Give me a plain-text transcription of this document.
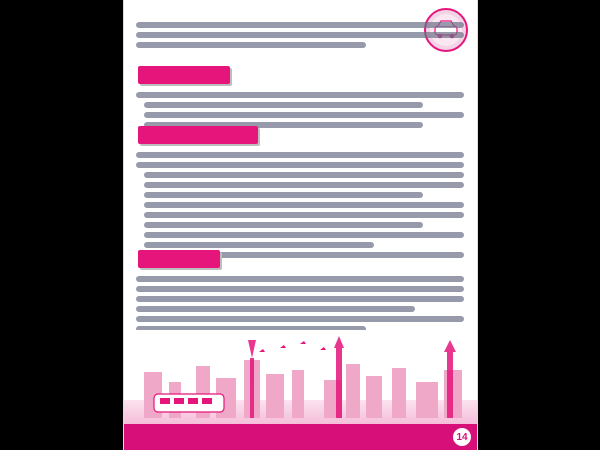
14
